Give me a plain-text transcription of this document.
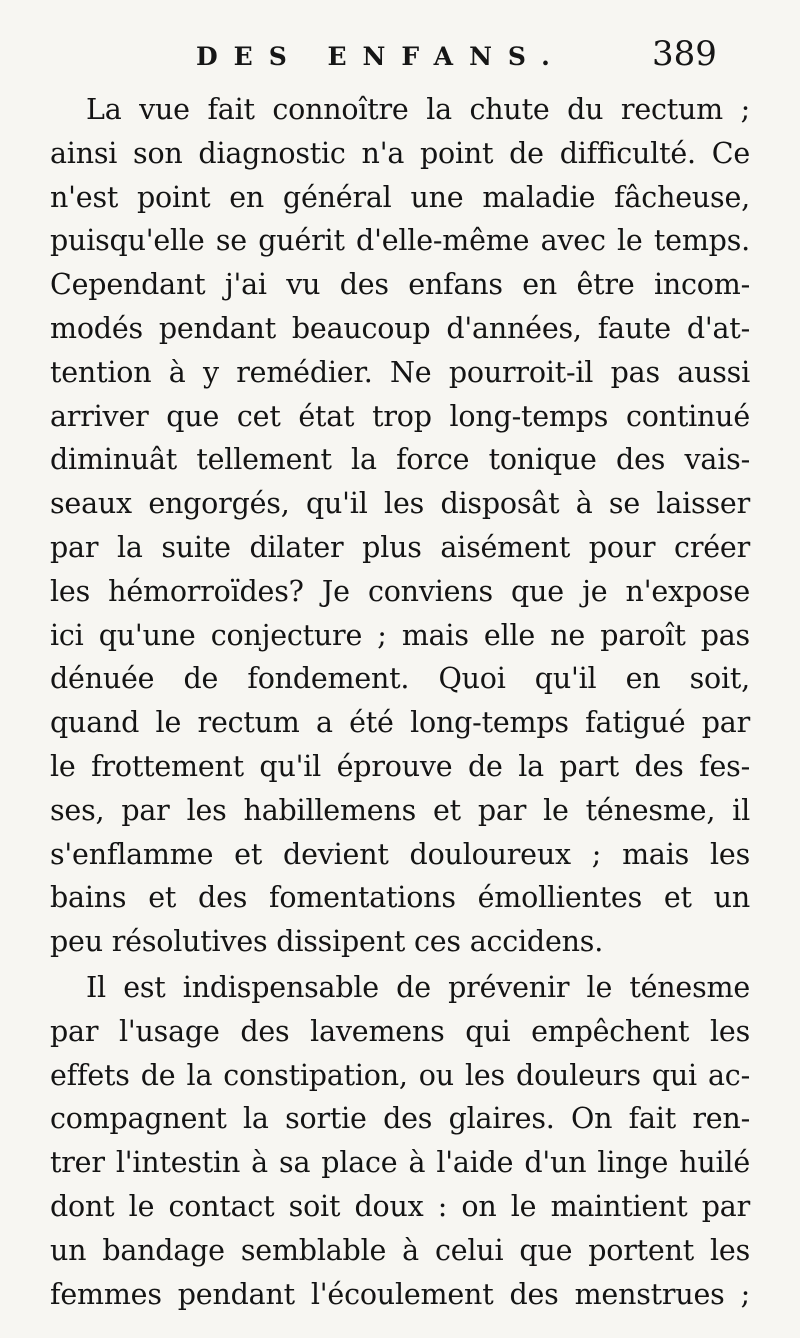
DES ENFANS.	389
La vue fait connoître la chute du rectum ;
ainsi son diagnostic n'a point de difficulté. Ce
n'est point en général une maladie fâcheuse,
puisqu'elle se guérit d'elle-même avec le temps.
Cependant j'ai vu des enfans en être incom-
modés pendant beaucoup d'années, faute d'at-
tention à y remédier. Ne pourroit-il pas aussi
arriver que cet état trop long-temps continué
diminuât tellement la force tonique des vais-
seaux engorgés, qu'il les disposât à se laisser
par la suite dilater plus aisément pour créer
les hémorroïdes? Je conviens que je n'expose
ici qu'une conjecture ; mais elle ne paroît pas
dénuée de fondement. Quoi qu'il en soit,
quand le rectum a été long-temps fatigué par
le frottement qu'il éprouve de la part des fes-
ses, par les habillemens et par le ténesme, il
s'enflamme et devient douloureux ; mais les
bains et des fomentations émollientes et un
peu résolutives dissipent ces accidens.
Il est indispensable de prévenir le ténesme
par l'usage des lavemens qui empêchent les
effets de la constipation, ou les douleurs qui ac-
compagnent la sortie des glaires. On fait ren-
trer l'intestin à sa place à l'aide d'un linge huilé
dont le contact soit doux : on le maintient par
un bandage semblable à celui que portent les
femmes pendant l'écoulement des menstrues ;
